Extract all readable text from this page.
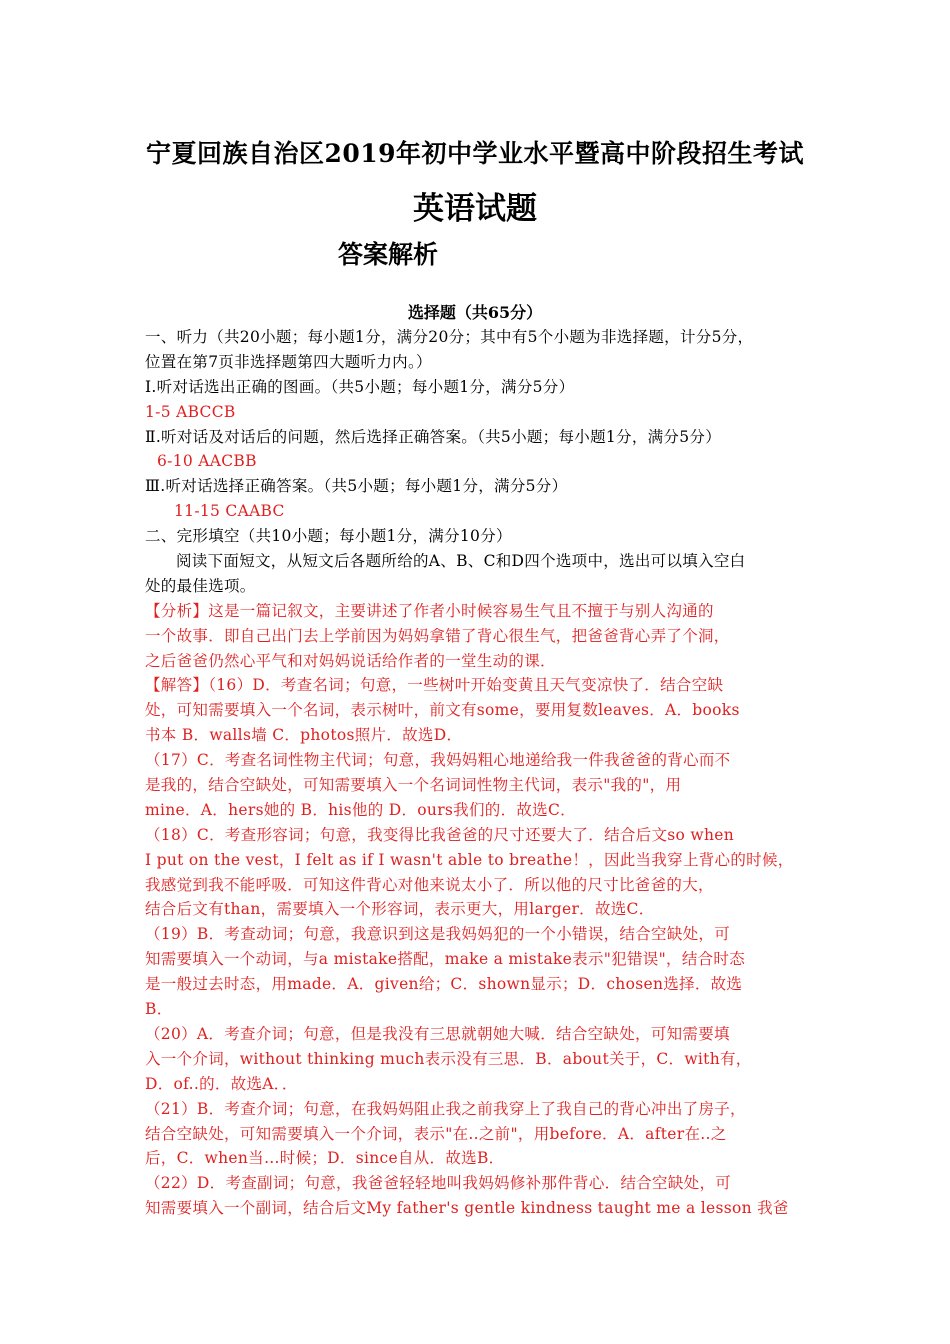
宁夏回族自治区2019年初中学业水平暨高中阶段招生考试
英语试题
答案解析
选择题（共65分）
一、听力（共20小题；每小题1分，满分20分；其中有5个小题为非选择题，计分5分，
位置在第7页非选择题第四大题听力内。）
Ⅰ.听对话选出正确的图画。（共5小题；每小题1分，满分5分）
1-5 ABCCB
Ⅱ.听对话及对话后的问题，然后选择正确答案。（共5小题；每小题1分，满分5分）
6-10 AACBB
Ⅲ.听对话选择正确答案。（共5小题；每小题1分，满分5分）
11-15 CAABC
二、完形填空（共10小题；每小题1分，满分10分）
阅读下面短文，从短文后各题所给的A、B、C和D四个选项中，选出可以填入空白
处的最佳选项。
【分析】这是一篇记叙文，主要讲述了作者小时候容易生气且不擅于与别人沟通的
一个故事．即自己出门去上学前因为妈妈拿错了背心很生气，把爸爸背心弄了个洞，
之后爸爸仍然心平气和对妈妈说话给作者的一堂生动的课．
【解答】（16）D．考查名词；句意，一些树叶开始变黄且天气变凉快了．结合空缺
处，可知需要填入一个名词，表示树叶，前文有some，要用复数leaves．A．books
书本 B．walls墙 C．photos照片．故选D．
（17）C．考查名词性物主代词；句意，我妈妈粗心地递给我一件我爸爸的背心而不
是我的，结合空缺处，可知需要填入一个名词词性物主代词，表示"我的"，用
mine．A．hers她的 B．his他的 D．ours我们的．故选C．
（18）C．考查形容词；句意，我变得比我爸爸的尺寸还要大了．结合后文so when
I put on the vest，I felt as if I wasn't able to breathe！，因此当我穿上背心的时候，
我感觉到我不能呼吸．可知这件背心对他来说太小了．所以他的尺寸比爸爸的大，
结合后文有than，需要填入一个形容词，表示更大，用larger．故选C．
（19）B．考查动词；句意，我意识到这是我妈妈犯的一个小错误，结合空缺处，可
知需要填入一个动词，与a mistake搭配，make a mistake表示"犯错误"，结合时态
是一般过去时态，用made．A．given给；C．shown显示；D．chosen选择．故选
B．
（20）A．考查介词；句意，但是我没有三思就朝她大喊．结合空缺处，可知需要填
入一个介词，without thinking much表示没有三思．B．about关于，C．with有，
D．of..的．故选A．．
（21）B．考查介词；句意，在我妈妈阻止我之前我穿上了我自己的背心冲出了房子，
结合空缺处，可知需要填入一个介词，表示"在..之前"，用before．A．after在..之
后，C．when当…时候；D．since自从．故选B．
（22）D．考查副词；句意，我爸爸轻轻地叫我妈妈修补那件背心．结合空缺处，可
知需要填入一个副词，结合后文My father's gentle kindness taught me a lesson 我爸
